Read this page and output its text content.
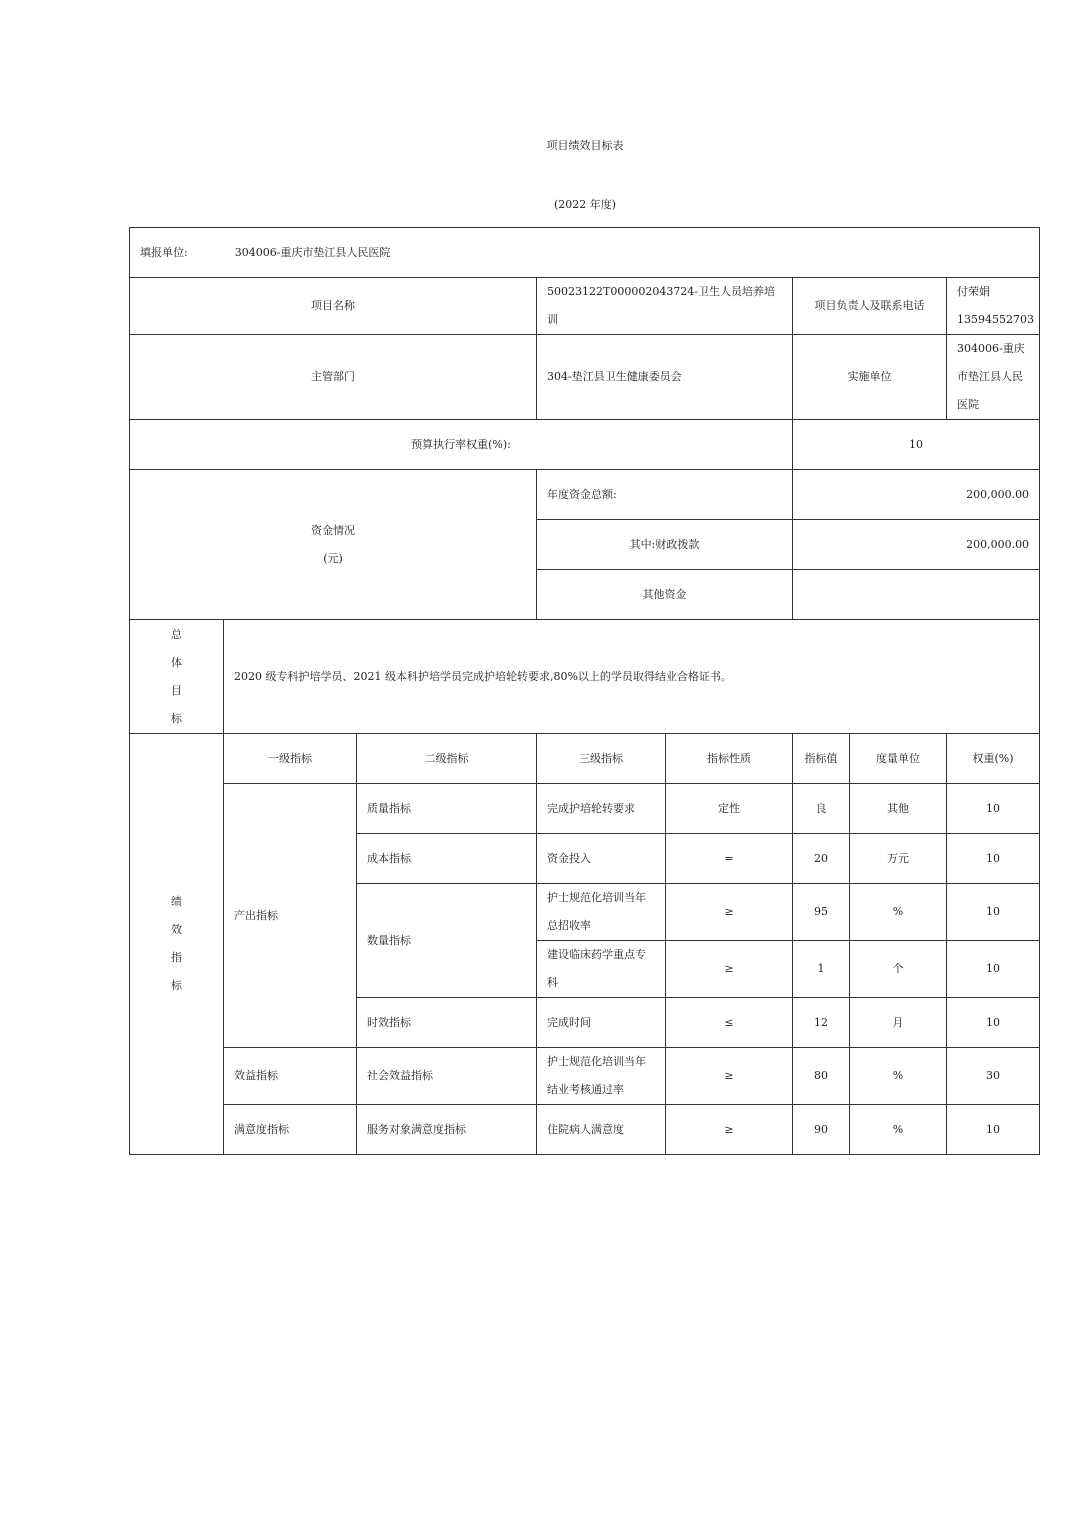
项目绩效目标表
(2022 年度)
填报单位: 304006-重庆市垫江县人民医院							
项目名称			50023122T000002043724-卫生人员培养培训		项目负责人及联系电话		付荣娟 13594552703
主管部门			304-垫江县卫生健康委员会		实施单位		304006-重庆市垫江县人民医院
预算执行率权重(%):					10		

资金情况
(元)			年度资金总额:		200,000.00		
			其中:财政拨款		200,000.00		
			其他资金				

总
体
目
标	2020 级专科护培学员、2021 级本科护培学员完成护培轮转要求,80%以上的学员取得结业合格证书。						

绩
效
指
标	一级指标	二级指标	三级指标	指标性质	指标值	度量单位	权重(%)
	产出指标	质量指标	完成护培轮转要求	定性	良	其他	10
		成本指标	资金投入	=	20	万元	10
		数量指标	护士规范化培训当年总招收率	≥	95	%	10
			建设临床药学重点专科	≥	1	个	10
		时效指标	完成时间	≤	12	月	10
	效益指标	社会效益指标	护士规范化培训当年结业考核通过率	≥	80	%	30
	满意度指标	服务对象满意度指标	住院病人满意度	≥	90	%	10
